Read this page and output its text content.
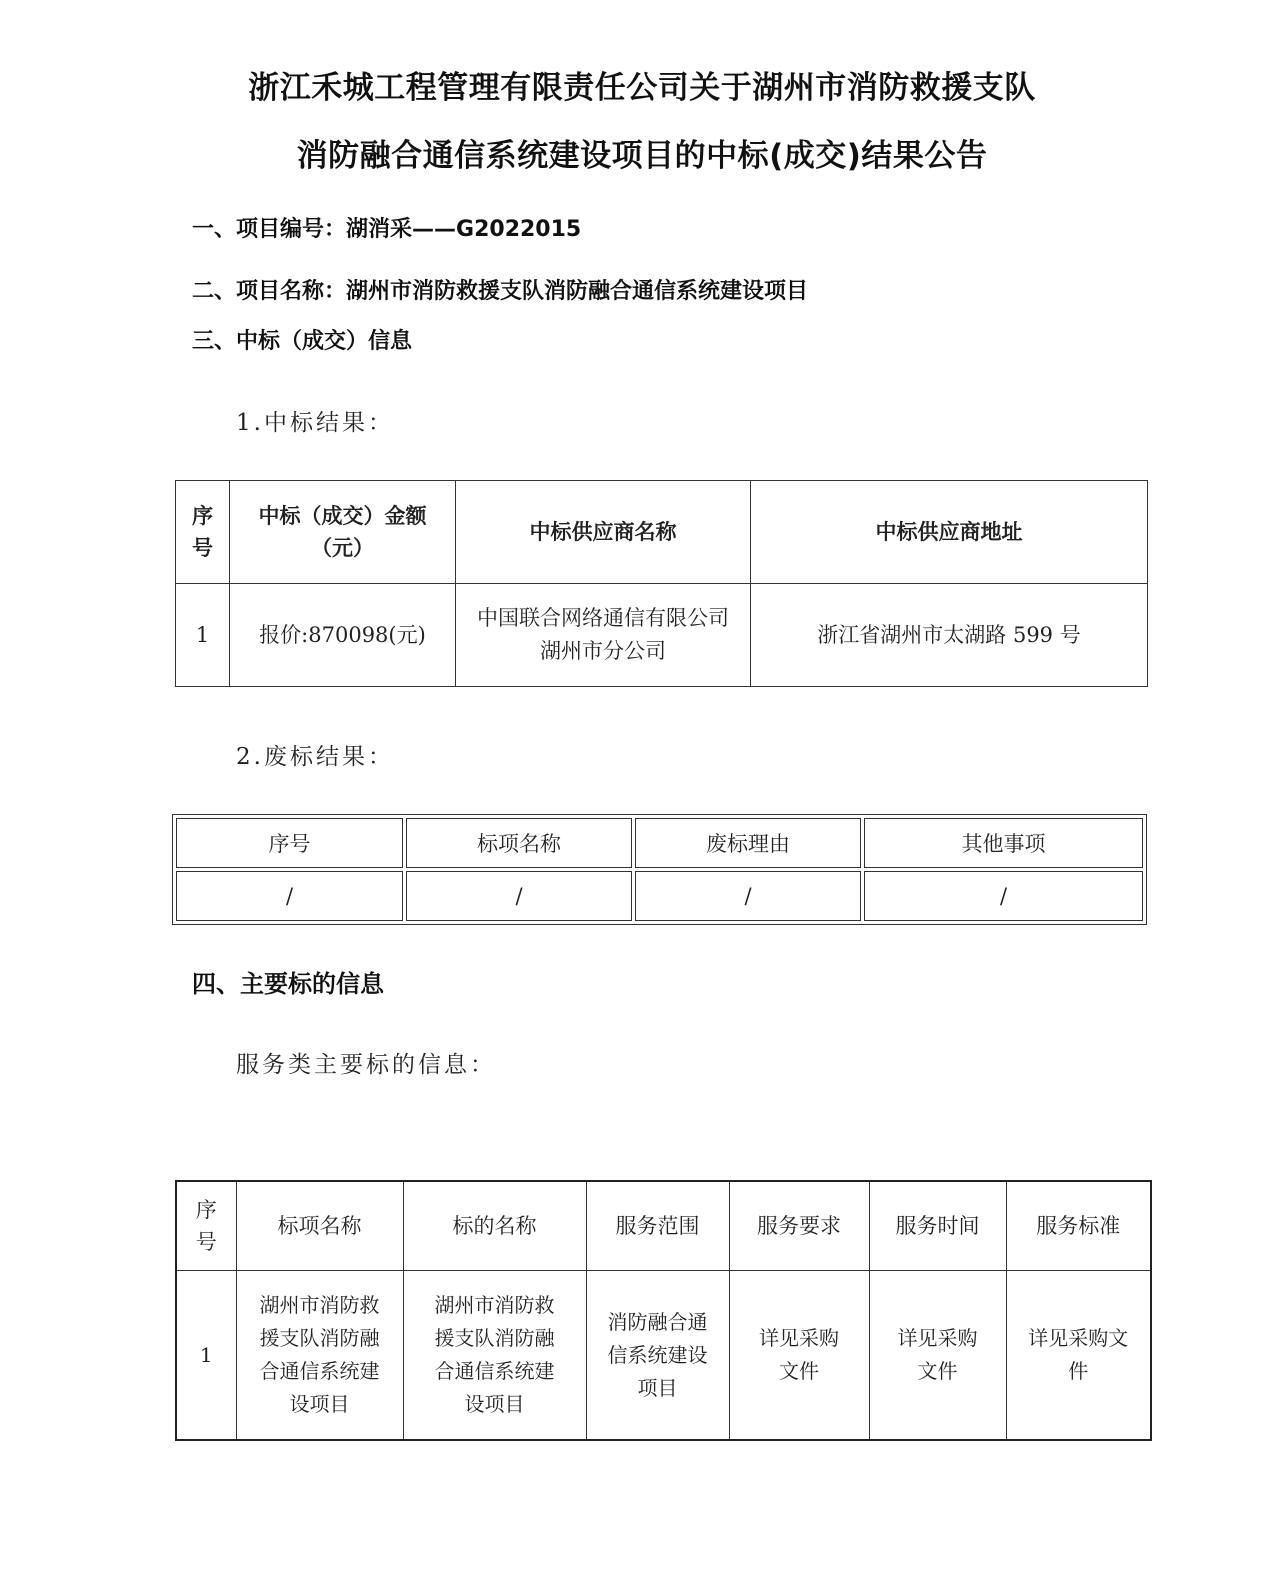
浙江禾城工程管理有限责任公司关于湖州市消防救援支队
消防融合通信系统建设项目的中标(成交)结果公告
一、项目编号：湖消采——G2022015
二、项目名称：湖州市消防救援支队消防融合通信系统建设项目
三、中标（成交）信息
1.中标结果：
序号	中标（成交）金额（元）	中标供应商名称	中标供应商地址
1	报价:870098(元)	中国联合网络通信有限公司湖州市分公司	浙江省湖州市太湖路 599 号
2.废标结果：
序号	标项名称	废标理由	其他事项
/	/	/	/
四、主要标的信息
服务类主要标的信息：
序号	标项名称	标的名称	服务范围	服务要求	服务时间	服务标准
1	湖州市消防救援支队消防融合通信系统建设项目	湖州市消防救援支队消防融合通信系统建设项目	消防融合通信系统建设项目	详见采购文件	详见采购文件	详见采购文件
